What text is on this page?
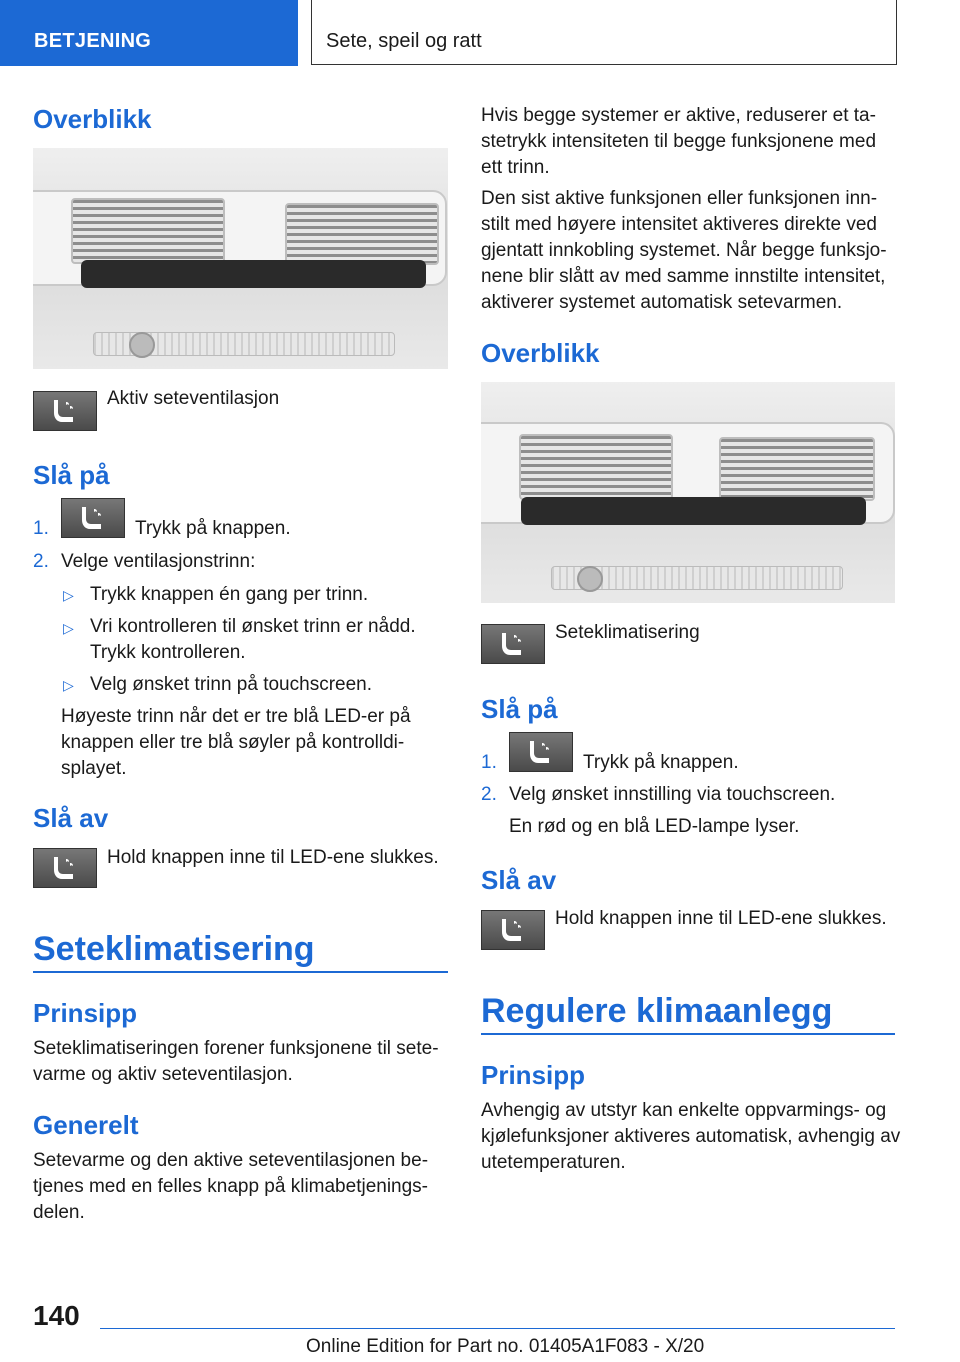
BETJENING	Sete, speil og ratt
Overblikk
Aktiv seteventilasjon
Slå på
1.	Trykk på knappen.
2. Velge ventilasjonstrinn:
▷ Trykk knappen én gang per trinn.
▷ Vri kontrolleren til ønsket trinn er nådd.
Trykk kontrolleren.
▷ Velg ønsket trinn på touchscreen.
Høyeste trinn når det er tre blå LED-er på
knappen eller tre blå søyler på kontrolldi-
splayet.
Slå av
Hold knappen inne til LED-ene slukkes.
Seteklimatisering
Prinsipp
Seteklimatiseringen forener funksjonene til sete-
varme og aktiv seteventilasjon.
Generelt
Setevarme og den aktive seteventilasjonen be-
tjenes med en felles knapp på klimabetjenings-
delen.
Hvis begge systemer er aktive, reduserer et ta-
stetrykk intensiteten til begge funksjonene med
ett trinn.
Den sist aktive funksjonen eller funksjonen inn-
stilt med høyere intensitet aktiveres direkte ved
gjentatt innkobling systemet. Når begge funksjo-
nene blir slått av med samme innstilte intensitet,
aktiverer systemet automatisk setevarmen.
Overblikk
Seteklimatisering
Slå på
1.	Trykk på knappen.
2. Velg ønsket innstilling via touchscreen.
En rød og en blå LED-lampe lyser.
Slå av
Hold knappen inne til LED-ene slukkes.
Regulere klimaanlegg
Prinsipp
Avhengig av utstyr kan enkelte oppvarmings- og
kjølefunksjoner aktiveres automatisk, avhengig av
utetemperaturen.
140
Online Edition for Part no. 01405A1F083 - X/20
